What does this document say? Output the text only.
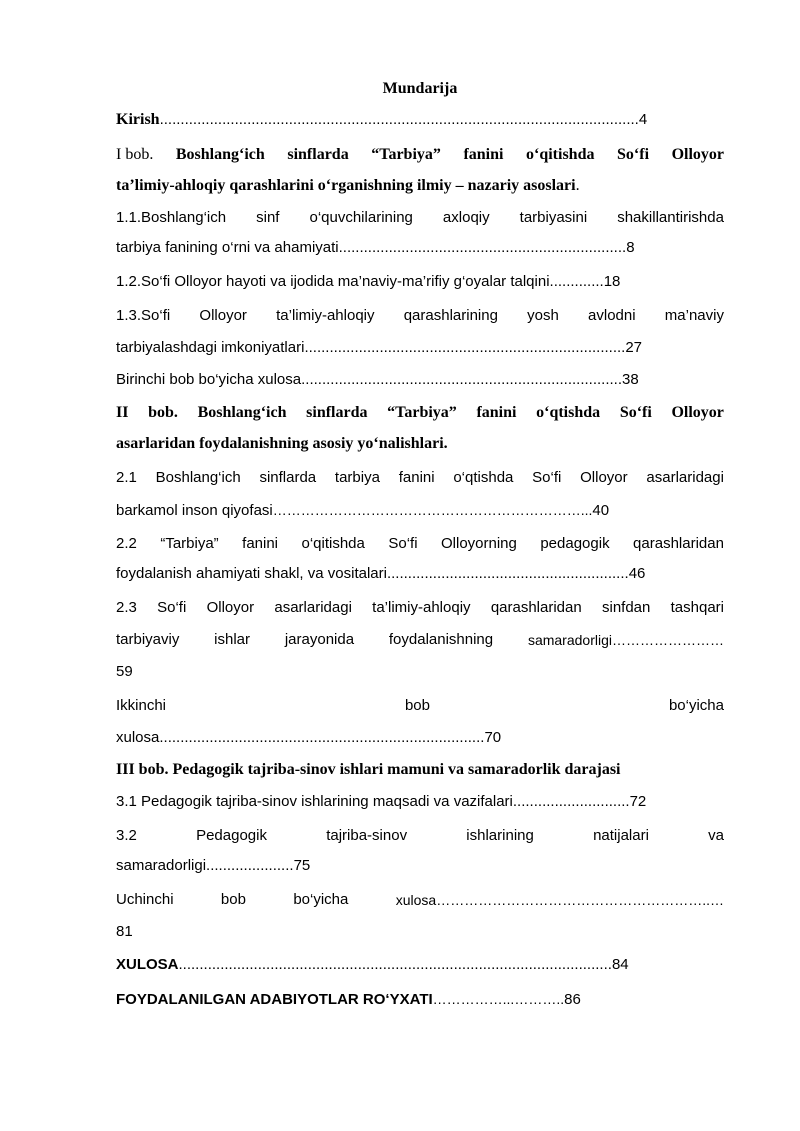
Mundarija
Kirish...................................................................................................................4
I bob. Boshlang‘ich sinflarda “Tarbiya” fanini o‘qitishda So‘fi Olloyor
ta’limiy-ahloqiy qarashlarini o‘rganishning ilmiy – nazariy asoslari.
1.1.Boshlang‘ich sinf o‘quvchilarining axloqiy tarbiyasini shakillantirishda
tarbiya fanining o‘rni va ahamiyati.....................................................................8
1.2.So‘fi Olloyor hayoti va ijodida ma’naviy-ma’rifiy g‘oyalar talqini.............18
1.3.So‘fi Olloyor ta’limiy-ahloqiy qarashlarining yosh avlodni ma’naviy
tarbiyalashdagi imkoniyatlari.............................................................................27
Birinchi bob bo‘yicha xulosa.............................................................................38
II bob. Boshlang‘ich sinflarda “Tarbiya” fanini o‘qtishda So‘fi Olloyor
asarlaridan foydalanishning asosiy yo‘nalishlari.
2.1 Boshlang‘ich sinflarda tarbiya fanini o‘qtishda So‘fi Olloyor asarlaridagi
barkamol inson qiyofasi…………………………………………………………...40
2.2 “Tarbiya” fanini o‘qitishda So‘fi Olloyorning pedagogik qarashlaridan
foydalanish ahamiyati shakl, va vositalari..........................................................46
2.3 So‘fi Olloyor asarlaridagi ta’limiy-ahloqiy qarashlaridan sinfdan tashqari
tarbiyaviy ishlar jarayonida foydalanishning samaradorligi……………………
59
Ikkinchi	bob	bo‘yicha
xulosa..............................................................................70
III bob. Pedagogik tajriba-sinov ishlari mamuni va samaradorlik darajasi
3.1 Pedagogik tajriba-sinov ishlarining maqsadi va vazifalari............................72
3.2	Pedagogik	tajriba-sinov	ishlarining	natijalari	va
samaradorligi.....................75
Uchinchi	bob	bo‘yicha	xulosa…………………………………………………..…
81
XULOSA........................................................................................................84
FOYDALANILGAN ADABIYOTLAR RO‘YXATI……………...………..86
